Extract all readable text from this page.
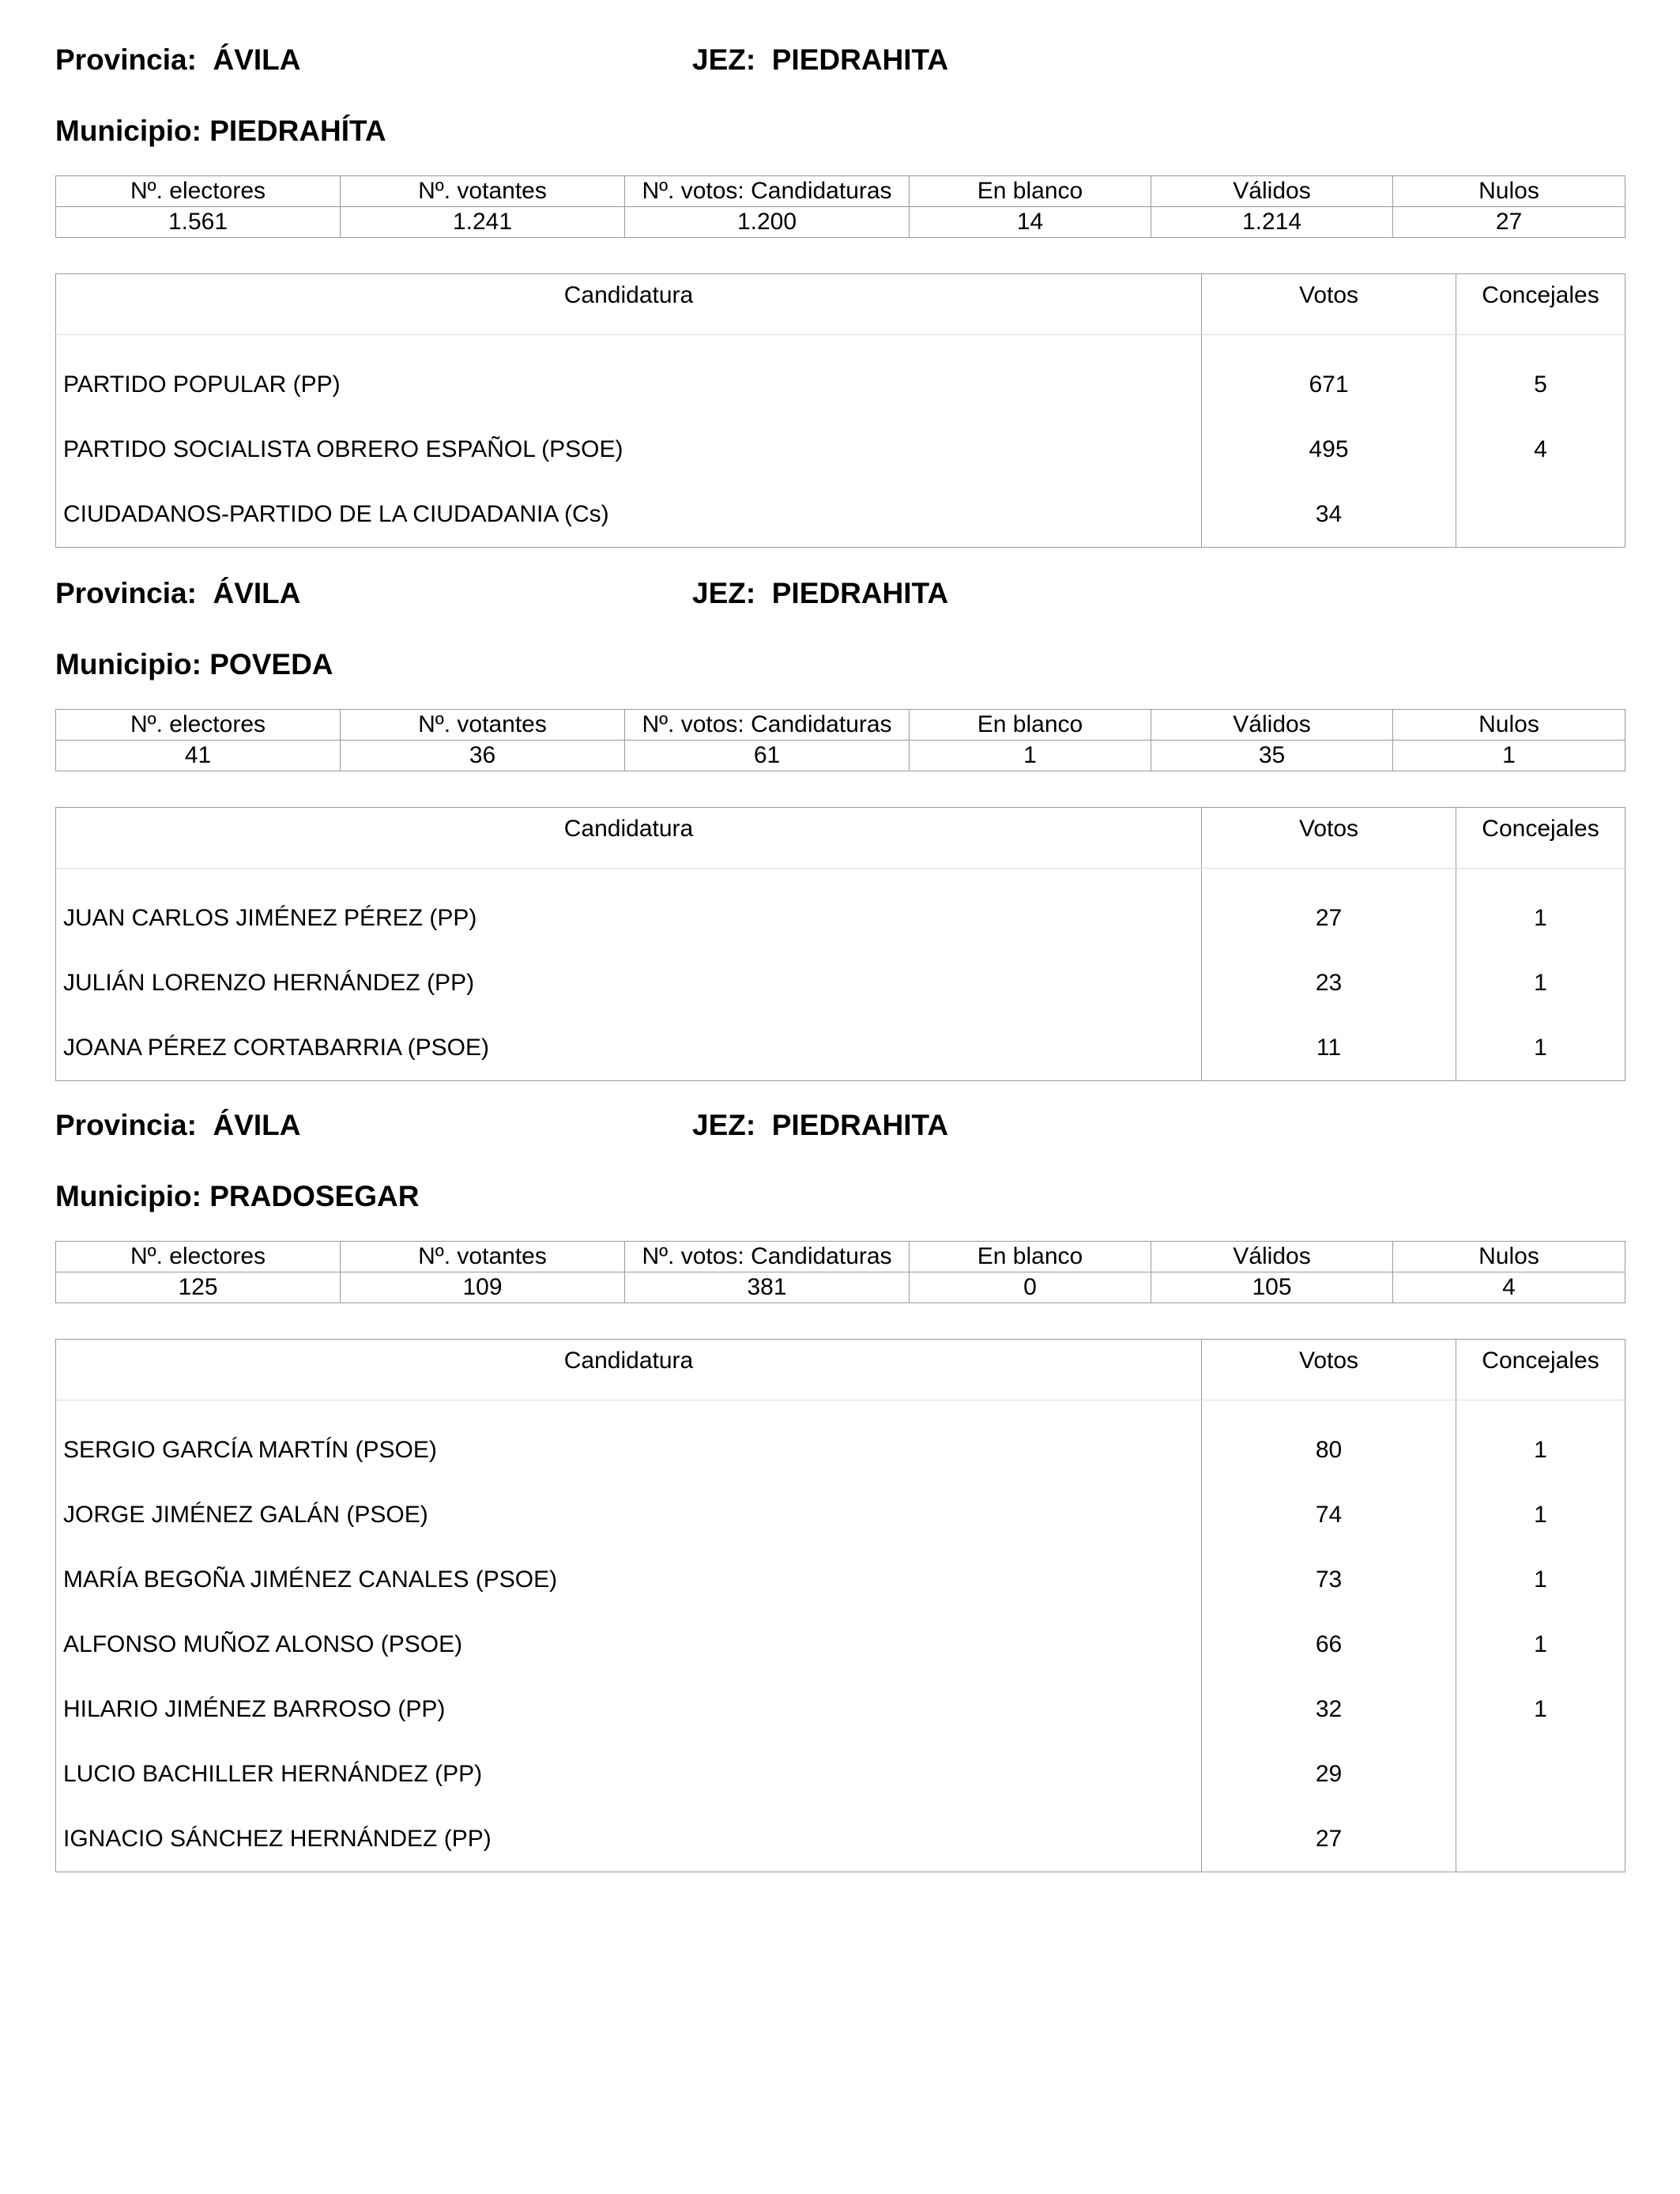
Provincia: ÁVILA	JEZ: PIEDRAHITA
Municipio: PIEDRAHÍTA
Nº. electores	Nº. votantes	Nº. votos: Candidaturas	En blanco	Válidos	Nulos
1.561	1.241	1.200	14	1.214	27
Candidatura	Votos	Concejales

PARTIDO POPULAR (PP)	671	5
PARTIDO SOCIALISTA OBRERO ESPAÑOL (PSOE)	495	4
CIUDADANOS-PARTIDO DE LA CIUDADANIA (Cs)	34	
Provincia: ÁVILA	JEZ: PIEDRAHITA
Municipio: POVEDA
Nº. electores	Nº. votantes	Nº. votos: Candidaturas	En blanco	Válidos	Nulos
41	36	61	1	35	1
Candidatura	Votos	Concejales

JUAN CARLOS JIMÉNEZ PÉREZ (PP)	27	1
JULIÁN LORENZO HERNÁNDEZ (PP)	23	1
JOANA PÉREZ CORTABARRIA (PSOE)	11	1
Provincia: ÁVILA	JEZ: PIEDRAHITA
Municipio: PRADOSEGAR
Nº. electores	Nº. votantes	Nº. votos: Candidaturas	En blanco	Válidos	Nulos
125	109	381	0	105	4
Candidatura	Votos	Concejales

SERGIO GARCÍA MARTÍN (PSOE)	80	1
JORGE JIMÉNEZ GALÁN (PSOE)	74	1
MARÍA BEGOÑA JIMÉNEZ CANALES (PSOE)	73	1
ALFONSO MUÑOZ ALONSO (PSOE)	66	1
HILARIO JIMÉNEZ BARROSO (PP)	32	1
LUCIO BACHILLER HERNÁNDEZ (PP)	29	
IGNACIO SÁNCHEZ HERNÁNDEZ (PP)	27	
